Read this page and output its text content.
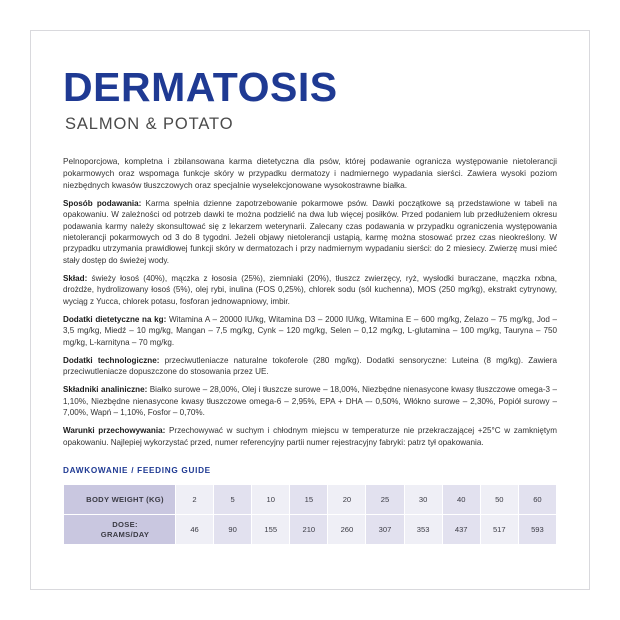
DERMATOSIS
SALMON & POTATO

Pelnoporcjowa, kompletna i zbilansowana karma dietetyczna dla psów, której podawanie ogranicza występowanie nietolerancji pokarmowych oraz wspomaga funkcje skóry w przypadku dermatozy i nadmiernego wypadania sierści. Zawiera wysoki poziom niezbędnych kwasów tłuszczowych oraz specjalnie wyselekcjonowane wysokostrawne białka.

Sposób podawania: Karma spełnia dzienne zapotrzebowanie pokarmowe psów. Dawki początkowe są przedstawione w tabeli na opakowaniu. W zależności od potrzeb dawki te można podzielić na dwa lub więcej posiłków. Przed podaniem lub przedłużeniem okresu podawania karmy należy skonsultować się z lekarzem weterynarii. Zalecany czas podawania w przypadku ograniczenia występowania nietolerancji pokarmowych od 3 do 8 tygodni. Jeżeli objawy nietolerancji ustąpią, karmę można stosować przez czas nieokreślony. W przypadku utrzymania prawidłowej funkcji skóry w dermatozach i przy nadmiernym wypadaniu sierści: do 2 miesiecy. Zwierzę musi mieć stały dostęp do świeżej wody.

Skład: świeży łosoś (40%), mączka z łososia (25%), ziemniaki (20%), tłuszcz zwierzęcy, ryż, wysłodki buraczane, mączka rxbna, drożdże, hydrolizowany łosoś (5%), olej rybi, inulina (FOS 0,25%), chlorek sodu (sól kuchenna), MOS (250 mg/kg), ekstrakt cytrynowy, wyciąg z Yucca, chlorek potasu, fosforan jednowapniowy, imbir.

Dodatki dietetyczne na kg: Witamina A – 20000 IU/kg, Witamina D3 – 2000 IU/kg, Witamina E – 600 mg/kg, Żelazo – 75 mg/kg, Jod – 3,5 mg/kg, Miedź – 10 mg/kg, Mangan – 7,5 mg/kg, Cynk – 120 mg/kg, Selen – 0,12 mg/kg, L-glutamina – 100 mg/kg, Tauryna – 750 mg/kg, L-karnityna – 70 mg/kg.

Dodatki technologiczne: przeciwutleniacze naturalne tokoferole (280 mg/kg). Dodatki sensoryczne: Luteina (8 mg/kg). Zawiera przeciwutleniacze dopuszczone do stosowania przez UE.

Składniki analiniczne: Białko surowe – 28,00%, Olej i tłuszcze surowe – 18,00%, Niezbędne nienasycone kwasy tłuszczowe omega-3 – 1,10%, Niezbędne nienasycone kwasy tłuszczowe omega-6 – 2,95%, EPA + DHA –- 0,50%, Włókno surowe – 2,30%, Popiół surowy – 7,00%, Wapń – 1,10%, Fosfor – 0,70%.

Warunki przechowywania: Przechowywać w suchym i chłodnym miejscu w temperaturze nie przekraczającej +25°C w zamkniętym opakowaniu. Najlepiej wykorzystać przed, numer referencyjny partii numer rejestracyjny fabryki: patrz tył opakowania.

DAWKOWANIE / FEEDING GUIDE
BODY WEIGHT (KG)	2	5	10	15	20	25	30	40	50	60

DOSE:
GRAMS/DAY	46	90	155	210	260	307	353	437	517	593
